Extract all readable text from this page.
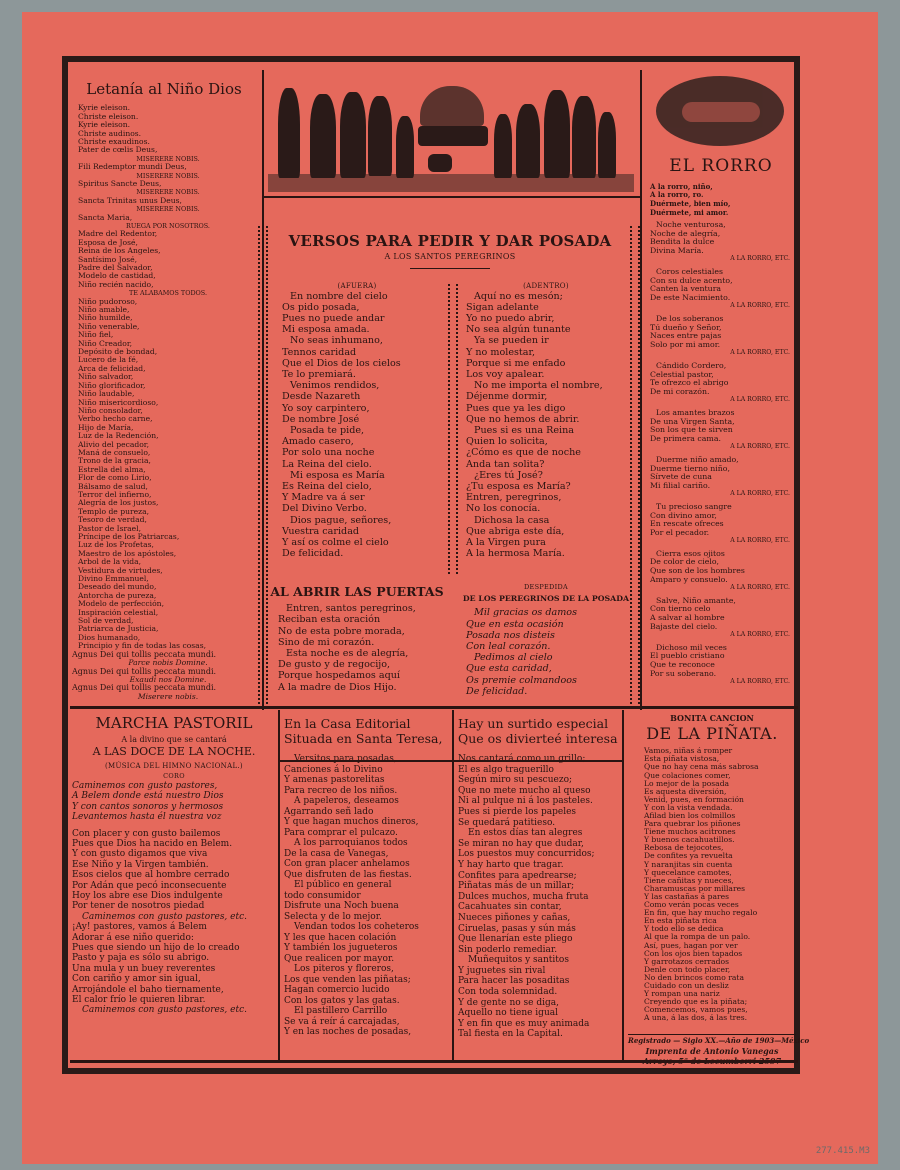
Letanía al Niño Dios
Kyrie eleison.
Christe eleison.
Kyrie eleison.
Christe audinos.
Christe exaudinos.
Pater de cœlis Deus,
MISERERE NOBIS.
Fili Redemptor mundi Deus,
MISERERE NOBIS.
Spiritus Sancte Deus,
MISERERE NOBIS.
Sancta Trinitas unus Deus,
MISERERE NOBIS.
Sancta Maria,
RUEGA POR NOSOTROS.
Madre del Redentor,
Esposa de José,
Reina de los Angeles,
Santísimo José,
Padre del Salvador,
Modelo de castidad,
Niño recién nacido,
TE ALABAMOS TODOS.
Niño pudoroso,
Niño amable,
Niño humilde,
Niño venerable,
Niño fiel,
Niño Creador,
Depósito de bondad,
Lucero de la fé,
Arca de felicidad,
Niño salvador,
Niño glorificador,
Niño laudable,
Niño misericordioso,
Niño consolador,
Verbo hecho carne,
Hijo de María,
Luz de la Redención,
Alivio del pecador,
Maná de consuelo,
Trono de la gracia,
Estrella del alma,
Flor de como Lirio,
Bálsamo de salud,
Terror del infierno,
Alegría de los justos,
Templo de pureza,
Tesoro de verdad,
Pastor de Israel,
Príncipe de los Patriarcas,
Luz de los Profetas,
Maestro de los apóstoles,
Arbol de la vida,
Vestidura de virtudes,
Divino Emmanuel,
Deseado del mundo,
Antorcha de pureza,
Modelo de perfección,
Inspiración celestial,
Sol de verdad,
Patriarca de Justicia,
Dios humanado,
Principio y fin de todas las cosas,
Agnus Dei qui tollis peccata mundi.
Parce nobis Domine.
Agnus Dei qui tollis peccata mundi.
Exaudi nos Domine.
Agnus Dei qui tollis peccata mundi.
Miserere nobis.
VERSOS PARA PEDIR Y DAR POSADA
A LOS SANTOS PEREGRINOS
(AFUERA)
En nombre del cielo
Os pido posada,
Pues no puede andar
Mi esposa amada.
No seas inhumano,
Tennos caridad
Que el Dios de los cielos
Te lo premiará.
Venimos rendidos,
Desde Nazareth
Yo soy carpintero,
De nombre José
Posada te pide,
Amado casero,
Por solo una noche
La Reina del cielo.
Mi esposa es María
Es Reina del cielo,
Y Madre va á ser
Del Divino Verbo.
Dios pague, señores,
Vuestra caridad
Y así os colme el cielo
De felicidad.
(ADENTRO)
Aquí no es mesón;
Sigan adelante
Yo no puedo abrir,
No sea algún tunante
Ya se pueden ir
Y no molestar,
Porque si me enfado
Los voy apalear.
No me importa el nombre,
Déjenme dormir,
Pues que ya les digo
Que no hemos de abrir.
Pues si es una Reina
Quien lo solicita,
¿Cómo es que de noche
Anda tan solita?
¿Eres tú José?
¿Tu esposa es María?
Entren, peregrinos,
No los conocía.
Dichosa la casa
Que abriga este día,
A la Virgen pura
A la hermosa María.
AL ABRIR LAS PUERTAS
Entren, santos peregrinos,
Reciban esta oración
No de esta pobre morada,
Sino de mi corazón.
Esta noche es de alegría,
De gusto y de regocijo,
Porque hospedamos aquí
A la madre de Dios Hijo.
DESPEDIDA
DE LOS PEREGRINOS DE LA POSADA
Mil gracias os damos
Que en esta ocasión
Posada nos disteis
Con leal corazón.
Pedimos al cielo
Que esta caridad,
Os premie colmandoos
De felicidad.
EL RORRO
A la rorro, niño,
A la rorro, ro.
Duérmete, bien mío,
Duérmete, mi amor.
Noche venturosa,
Noche de alegría,
Bendita la dulce
Divina María.
A LA RORRO, ETC.
Coros celestiales
Con su dulce acento,
Canten la ventura
De este Nacimiento.
A LA RORRO, ETC.
De los soberanos
Tú dueño y Señor,
Naces entre pajas
Solo por mi amor.
A LA RORRO, ETC.
Cándido Cordero,
Celestial pastor,
Te ofrezco el abrigo
De mi corazón.
A LA RORRO, ETC.
Los amantes brazos
De una Virgen Santa,
Son los que te sirven
De primera cama.
A LA RORRO, ETC.
Duerme niño amado,
Duerme tierno niño,
Sírvete de cuna
Mi filial cariño.
A LA RORRO, ETC.
Tu precioso sangre
Con divino amor,
En rescate ofreces
Por el pecador.
A LA RORRO, ETC.
Cierra esos ojitos
De color de cielo,
Que son de los hombres
Amparo y consuelo.
A LA RORRO, ETC.
Salve, Niño amante,
Con tierno celo
A salvar al hombre
Bajaste del cielo.
A LA RORRO, ETC.
Dichoso mil veces
El pueblo cristiano
Que te reconoce
Por su soberano.
A LA RORRO, ETC.
MARCHA PASTORIL
A la divino que se cantará
A LAS DOCE DE LA NOCHE.
(MÚSICA DEL HIMNO NACIONAL.)
CORO
Caminemos con gusto pastores,
A Belem donde está nuestro Dios
Y con cantos sonoros y hermosos
Levantemos hasta él nuestra voz
Con placer y con gusto bailemos
Pues que Dios ha nacido en Belem.
Y con gusto digamos que viva
Ese Niño y la Virgen también.
Esos cielos que al hombre cerrado
Por Adán que pecó inconsecuente
Hoy los abre ese Dios indulgente
Por tener de nosotros piedad
Caminemos con gusto pastores, etc.
¡Ay! pastores, vamos á Belem
Adorar á ese niño querido:
Pues que siendo un hijo de lo creado
Pasto y paja es sólo su abrigo.
Una mula y un buey reverentes
Con cariño y amor sin igual,
Arrojándole el baho tiernamente,
El calor frío le quieren librar.
Caminemos con gusto pastores, etc.
En la Casa Editorial
Situada en Santa Teresa,
Versitos para posadas,
Canciones á lo Divino
Y amenas pastorelitas
Para recreo de los niños.
A papeleros, deseamos
Agarrando señ lado
Y que hagan muchos dineros,
Para comprar el pulcazo.
A los parroquianos todos
De la casa de Vanegas,
Con gran placer anhelamos
Que disfruten de las fiestas.
El público en general
todo consumidor
Disfrute una Noch buena
Selecta y de lo mejor.
Vendan todos los coheteros
Y les que hacen colación
Y también los jugueteros
Que realicen por mayor.
Los piteros y floreros,
Los que venden las piñatas;
Hagan comercio lucido
Con los gatos y las gatas.
El pastillero Carrillo
Se va á reír á carcajadas,
Y en las noches de posadas,
Hay un surtido especial
Que os divierteé interesa
Nos cantará como un grillo;
El es algo traguerillo
Según miro su pescuezo;
Que no mete mucho al queso
Ni al pulque ni á los pasteles.
Pues si pierde los papeles
Se quedará patitieso.
En estos días tan alegres
Se miran no hay que dudar,
Los puestos muy concurridos;
Y hay harto que tragar.
Confites para apedrearse;
Piñatas más de un millar;
Dulces muchos, mucha fruta
Cacahuates sin contar,
Nueces piñones y cañas,
Ciruelas, pasas y sún más
Que llenarían este pliego
Sin poderlo remediar.
Muñequitos y santitos
Y juguetes sin rival
Para hacer las posaditas
Con toda solemnidad.
Y de gente no se diga,
Aquello no tiene igual
Y en fin que es muy animada
Tal fiesta en la Capital.
BONITA CANCION
DE LA PIÑATA.
Vamos, niñas á romper
Esta piñata vistosa,
Que no hay cena más sabrosa
Que colaciones comer,
Lo mejor de la posada
Es aquesta diversión,
Venid, pues, en formación
Y con la vista vendada.
Afilad bien los colmillos
Para quebrar los piñones
Tiene muchos acitrones
Y buenos cacahuatillos.
Rebosa de tejocotes,
De confites ya revuelta
Y naranjitas sin cuenta
Y quecelance camotes,
Tiene cañitas y nueces,
Charamuscas por millares
Y las castañas á pares
Como verán pocas veces
En fin, que hay mucho regalo
En esta piñata rica
Y todo ello se dedica
Al que la rompa de un palo.
Así, pues, hagan por ver
Con los ojos bien tapados
Y garrotazos cerrados
Denle con todo placer,
No den brincos como rata
Cuidado con un desliz
Y rompan una nariz
Creyendo que es la piñata;
Comencemos, vamos pues,
A una, á las dos, á las tres.
Registrado — Siglo XX.—Año de 1903—México
Imprenta de Antonio Vanegas
Arroyo, 5ª de Lecumberri 2597
277.415.M3
